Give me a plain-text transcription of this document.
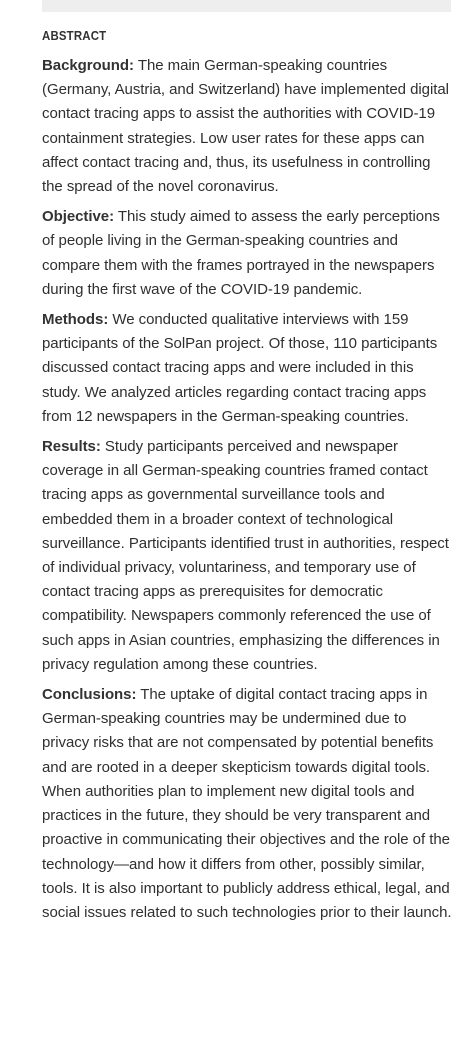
ABSTRACT

Background: The main German-speaking countries (Germany, Austria, and Switzerland) have implemented digital contact tracing apps to assist the authorities with COVID-19 containment strategies. Low user rates for these apps can affect contact tracing and, thus, its usefulness in controlling the spread of the novel coronavirus.

Objective: This study aimed to assess the early perceptions of people living in the German-speaking countries and compare them with the frames portrayed in the newspapers during the first wave of the COVID-19 pandemic.

Methods: We conducted qualitative interviews with 159 participants of the SolPan project. Of those, 110 participants discussed contact tracing apps and were included in this study. We analyzed articles regarding contact tracing apps from 12 newspapers in the German-speaking countries.

Results: Study participants perceived and newspaper coverage in all German-speaking countries framed contact tracing apps as governmental surveillance tools and embedded them in a broader context of technological surveillance. Participants identified trust in authorities, respect of individual privacy, voluntariness, and temporary use of contact tracing apps as prerequisites for democratic compatibility. Newspapers commonly referenced the use of such apps in Asian countries, emphasizing the differences in privacy regulation among these countries.

Conclusions: The uptake of digital contact tracing apps in German-speaking countries may be undermined due to privacy risks that are not compensated by potential benefits and are rooted in a deeper skepticism towards digital tools. When authorities plan to implement new digital tools and practices in the future, they should be very transparent and proactive in communicating their objectives and the role of the technology—and how it differs from other, possibly similar, tools. It is also important to publicly address ethical, legal, and social issues related to such technologies prior to their launch.
